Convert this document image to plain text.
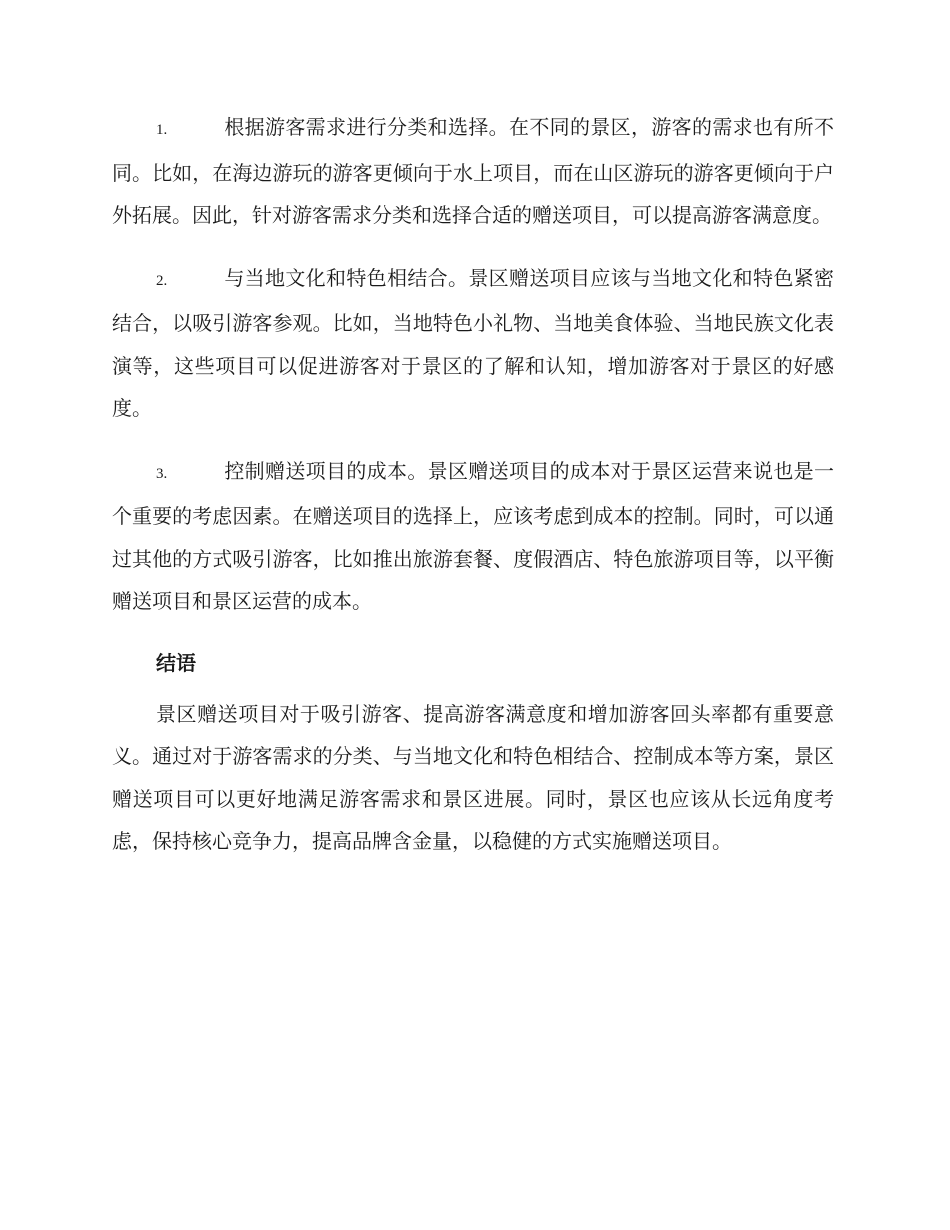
1.	根据游客需求进行分类和选择。在不同的景区，游客的需求也有所不同。比如，在海边游玩的游客更倾向于水上项目，而在山区游玩的游客更倾向于户外拓展。因此，针对游客需求分类和选择合适的赠送项目，可以提高游客满意度。

2.	与当地文化和特色相结合。景区赠送项目应该与当地文化和特色紧密结合，以吸引游客参观。比如，当地特色小礼物、当地美食体验、当地民族文化表演等，这些项目可以促进游客对于景区的了解和认知，增加游客对于景区的好感度。

3.	控制赠送项目的成本。景区赠送项目的成本对于景区运营来说也是一个重要的考虑因素。在赠送项目的选择上，应该考虑到成本的控制。同时，可以通过其他的方式吸引游客，比如推出旅游套餐、度假酒店、特色旅游项目等，以平衡赠送项目和景区运营的成本。

结语

景区赠送项目对于吸引游客、提高游客满意度和增加游客回头率都有重要意义。通过对于游客需求的分类、与当地文化和特色相结合、控制成本等方案，景区赠送项目可以更好地满足游客需求和景区进展。同时，景区也应该从长远角度考虑，保持核心竞争力，提高品牌含金量，以稳健的方式实施赠送项目。
